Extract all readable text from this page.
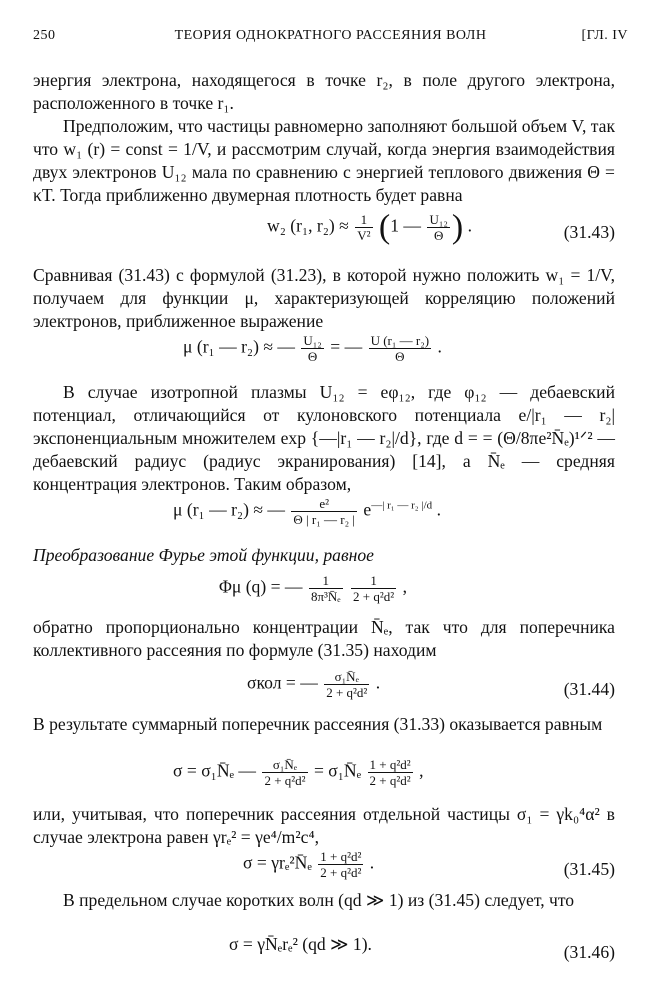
250	ТЕОРИЯ ОДНОКРАТНОГО РАССЕЯНИЯ ВОЛН	[ГЛ. IV
энергия электрона, находящегося в точке r₂, в поле другого электрона, расположенного в точке r₁.
Предположим, что частицы равномерно заполняют большой объем V, так что w₁ (r) = const = 1/V, и рассмотрим случай, когда энергия взаимодействия двух электронов U₁₂ мала по сравнению с энергией теплового движения Θ = κT. Тогда приближенно двумерная плотность будет равна
w₂ (r₁, $r_2) \approx \frac{1}{\text{V²}} (1$ — $\frac{\text{U₁₂}}{\Theta}$ ) .	(31.43)
Сравнивая (31.43) с формулой (31.23), в которой нужно положить w₁ = 1/V, получаем для функции μ, характеризующей корреляцию положений электронов, приближенное выражение
μ (r₁ — r₂) ≈ — $\frac{\text{U₁₂}}{\Theta}$ = — $\frac{\text{U (r₁ — r₂)}}{\Theta}$ .
В случае изотропной плазмы U₁₂ = eφ₁₂, где φ₁₂ — дебаевский потенциал, отличающийся от кулоновского потенциала e/|r₁ — r₂| экспоненциальным множителем exp {—|r₁ — r₂|/d}, где d = = (Θ/8πe²N̄ₑ)¹ᐟ² — дебаевский радиус (радиус экранирования) [14], а N̄ₑ — средняя концентрация электронов. Таким образом,
μ (r₁ — r₂) ≈ — $\frac{\text{e²}}{\text{Θ | r₁ — r₂ |}} e^{—| r_1 — r_2 |/d}$ .
Преобразование Фурье этой функции, равное
Φμ (q) = — $\frac{1}{\text{8π³N̄ₑ}}$
$\frac{1}{\text{2 + q²d²}}$ ,
обратно пропорционально концентрации N̄ₑ, так что для поперечника коллективного рассеяния по формуле (31.35) находим
σкол = — $\frac{\text{σ₁N̄ₑ}}{\text{2 + q²d²}}$ .	(31.44)
В результате суммарный поперечник рассеяния (31.33) оказывается равным
σ = σ₁N̄ₑ — $\frac{\text{σ₁N̄ₑ}}{\text{2 + q²d²}}$ = σ₁N̄ₑ $\frac{\text{1 + q²d²}}{\text{2 + q²d²}}$ ,
или, учитывая, что поперечник рассеяния отдельной частицы σ₁ = γk₀⁴α² в случае электрона равен γrₑ² = γe⁴/m²c⁴,
σ = γrₑ²N̄ₑ $\frac{\text{1 + q²d²}}{\text{2 + q²d²}}$ .	(31.45)
В предельном случае коротких волн (qd ≫ 1) из (31.45) следует, что
σ = γN̄ₑrₑ² (qd ≫ 1).	(31.46)
